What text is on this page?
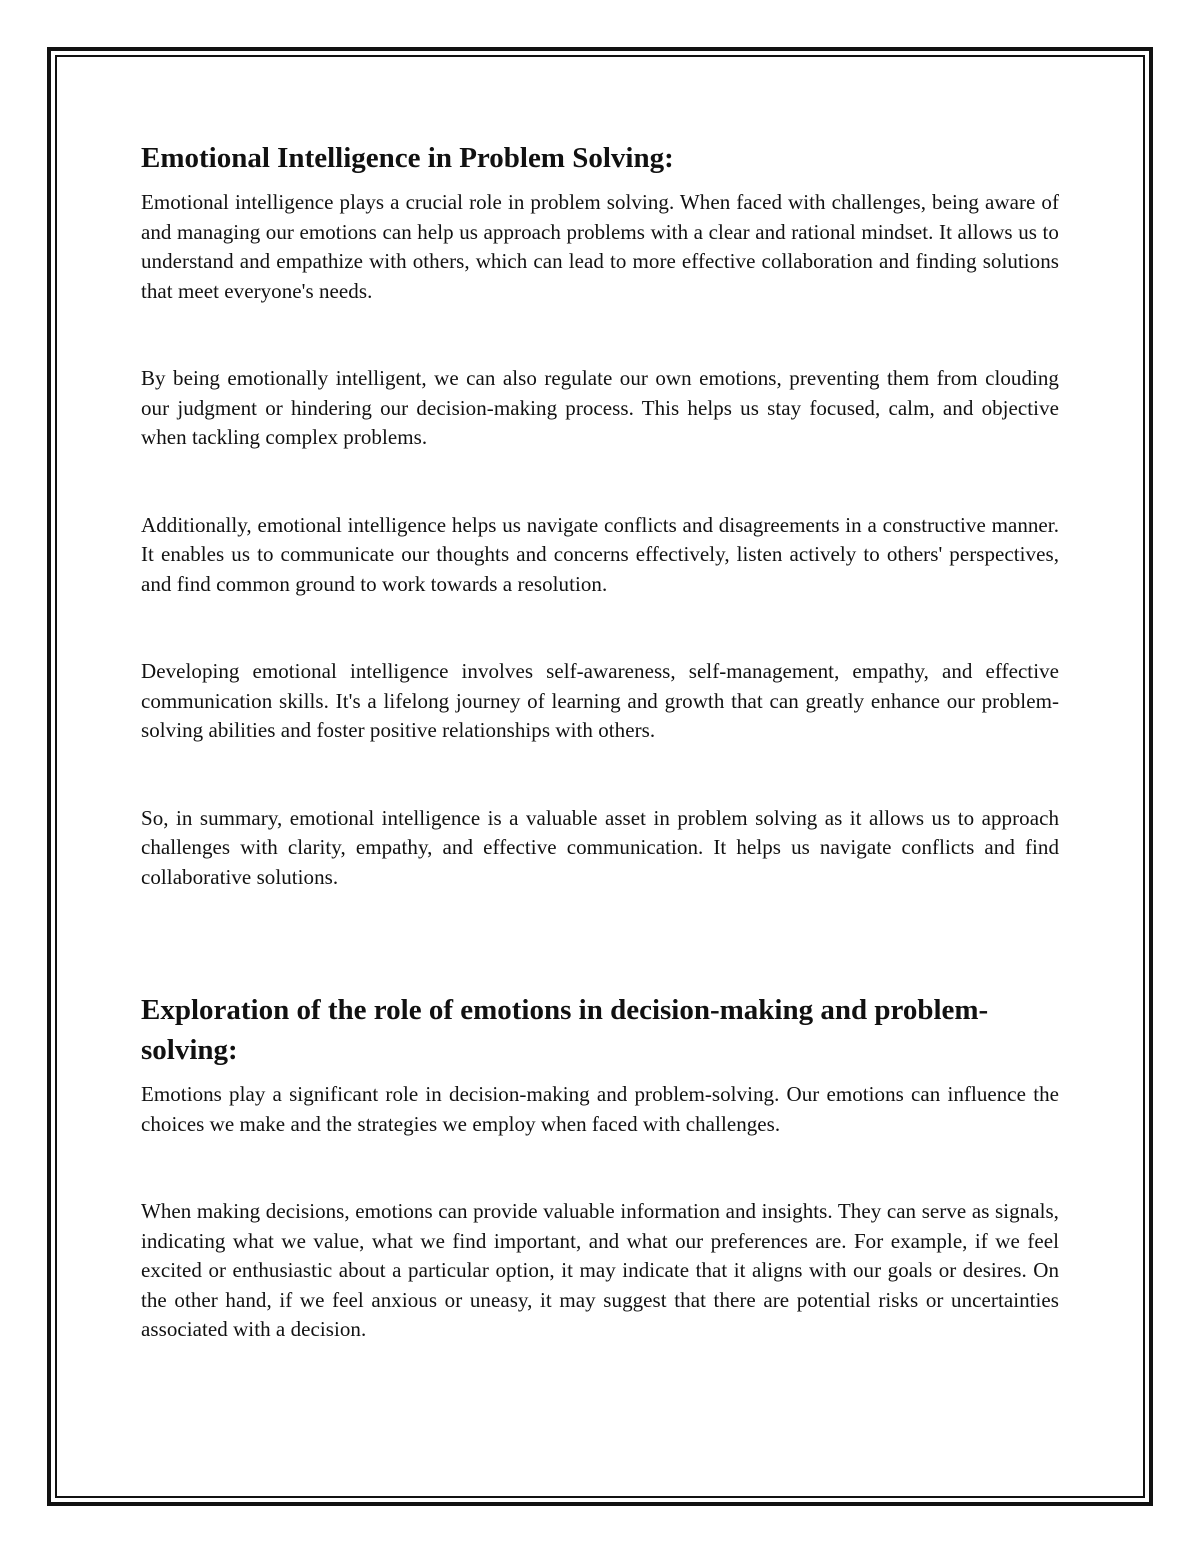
Emotional Intelligence in Problem Solving:

Emotional intelligence plays a crucial role in problem solving. When faced with challenges, being aware of and managing our emotions can help us approach problems with a clear and rational mindset. It allows us to understand and empathize with others, which can lead to more effective collaboration and finding solutions that meet everyone's needs.

By being emotionally intelligent, we can also regulate our own emotions, preventing them from clouding our judgment or hindering our decision-making process. This helps us stay focused, calm, and objective when tackling complex problems.

Additionally, emotional intelligence helps us navigate conflicts and disagreements in a constructive manner. It enables us to communicate our thoughts and concerns effectively, listen actively to others' perspectives, and find common ground to work towards a resolution.

Developing emotional intelligence involves self-awareness, self-management, empathy, and effective communication skills. It's a lifelong journey of learning and growth that can greatly enhance our problem-solving abilities and foster positive relationships with others.

So, in summary, emotional intelligence is a valuable asset in problem solving as it allows us to approach challenges with clarity, empathy, and effective communication. It helps us navigate conflicts and find collaborative solutions.

Exploration of the role of emotions in decision-making and problem-solving:

Emotions play a significant role in decision-making and problem-solving. Our emotions can influence the choices we make and the strategies we employ when faced with challenges.

When making decisions, emotions can provide valuable information and insights. They can serve as signals, indicating what we value, what we find important, and what our preferences are. For example, if we feel excited or enthusiastic about a particular option, it may indicate that it aligns with our goals or desires. On the other hand, if we feel anxious or uneasy, it may suggest that there are potential risks or uncertainties associated with a decision.
